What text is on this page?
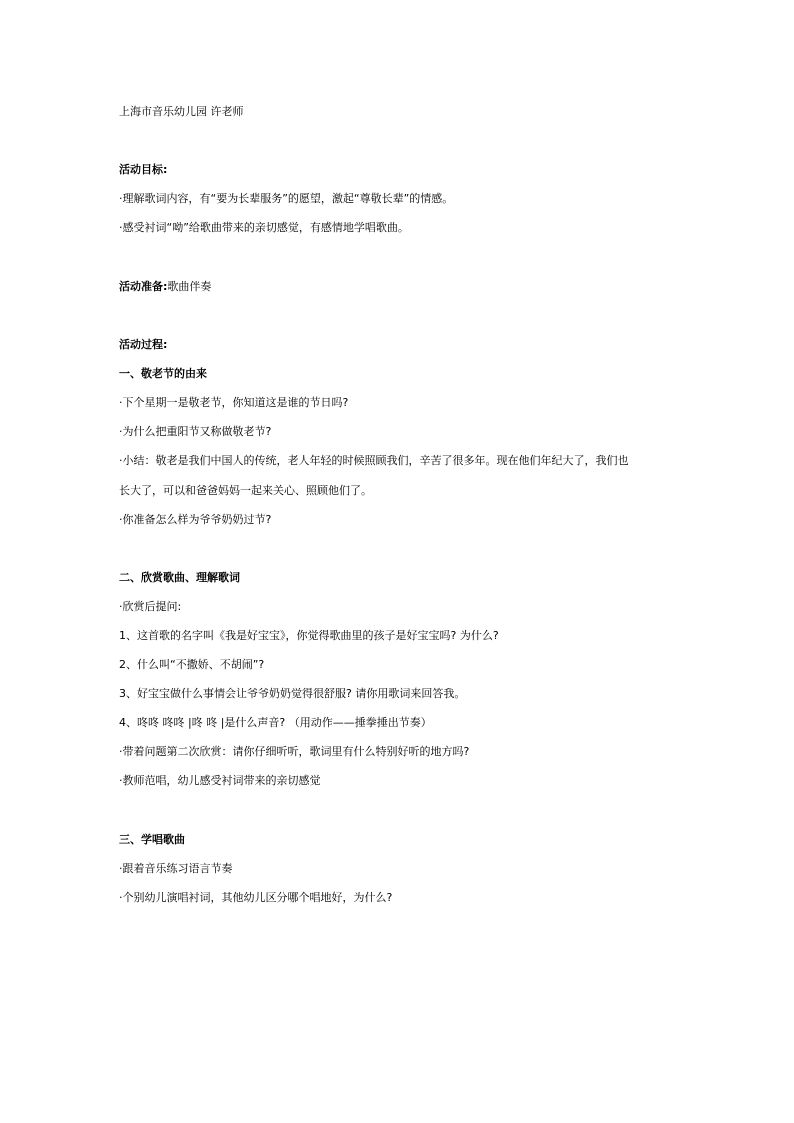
上海市音乐幼儿园 许老师
活动目标:
·理解歌词内容，有“要为长辈服务”的愿望，激起“尊敬长辈”的情感。
·感受衬词“呦”给歌曲带来的亲切感觉，有感情地学唱歌曲。
活动准备:歌曲伴奏
活动过程:
一、敬老节的由来
·下个星期一是敬老节，你知道这是谁的节日吗?
·为什么把重阳节又称做敬老节?
·小结：敬老是我们中国人的传统，老人年轻的时候照顾我们，辛苦了很多年。现在他们年纪大了，我们也
长大了，可以和爸爸妈妈一起来关心、照顾他们了。
·你准备怎么样为爷爷奶奶过节?
二、欣赏歌曲、理解歌词
·欣赏后提问:
1、这首歌的名字叫《我是好宝宝》，你觉得歌曲里的孩子是好宝宝吗? 为什么?
2、什么叫“不撒娇、不胡闹”?
3、好宝宝做什么事情会让爷爷奶奶觉得很舒服? 请你用歌词来回答我。
4、咚咚 咚咚 |咚 咚 |是什么声音? （用动作——捶拳捶出节奏）
·带着问题第二次欣赏：请你仔细听听，歌词里有什么特别好听的地方吗?
·教师范唱，幼儿感受衬词带来的亲切感觉
三、学唱歌曲
·跟着音乐练习语言节奏
·个别幼儿演唱衬词，其他幼儿区分哪个唱地好，为什么?
